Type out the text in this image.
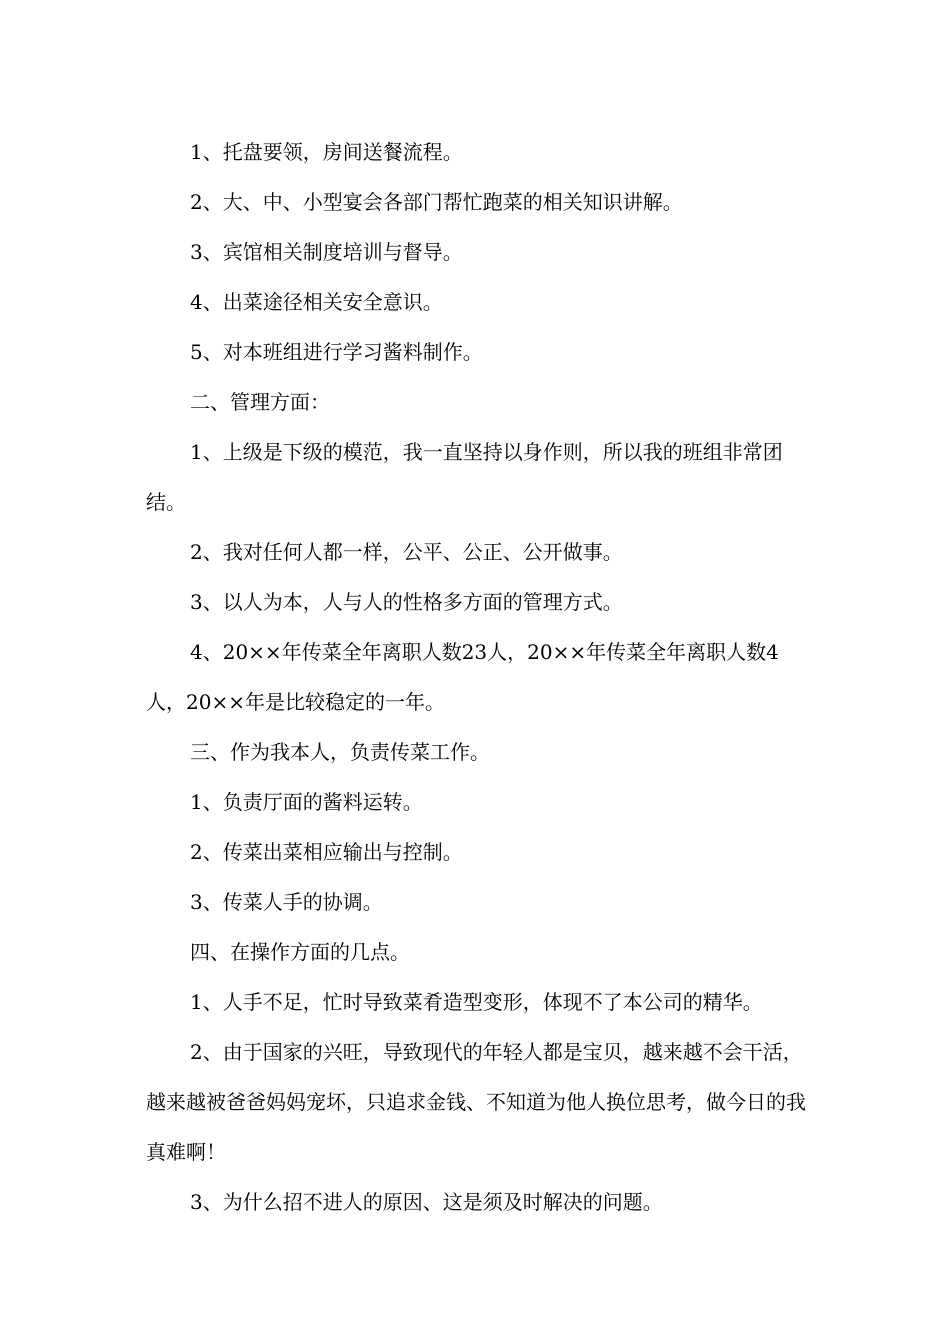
1、托盘要领，房间送餐流程。

2、大、中、小型宴会各部门帮忙跑菜的相关知识讲解。

3、宾馆相关制度培训与督导。

4、出菜途径相关安全意识。

5、对本班组进行学习酱料制作。

二、管理方面：

1、上级是下级的模范，我一直坚持以身作则，所以我的班组非常团结。

2、我对任何人都一样，公平、公正、公开做事。

3、以人为本，人与人的性格多方面的管理方式。

4、20××年传菜全年离职人数23人，20××年传菜全年离职人数4人，20××年是比较稳定的一年。

三、作为我本人，负责传菜工作。

1、负责厅面的酱料运转。

2、传菜出菜相应输出与控制。

3、传菜人手的协调。

四、在操作方面的几点。

1、人手不足，忙时导致菜肴造型变形，体现不了本公司的精华。

2、由于国家的兴旺，导致现代的年轻人都是宝贝，越来越不会干活，越来越被爸爸妈妈宠坏，只追求金钱、不知道为他人换位思考，做今日的我真难啊！

3、为什么招不进人的原因、这是须及时解决的问题。
